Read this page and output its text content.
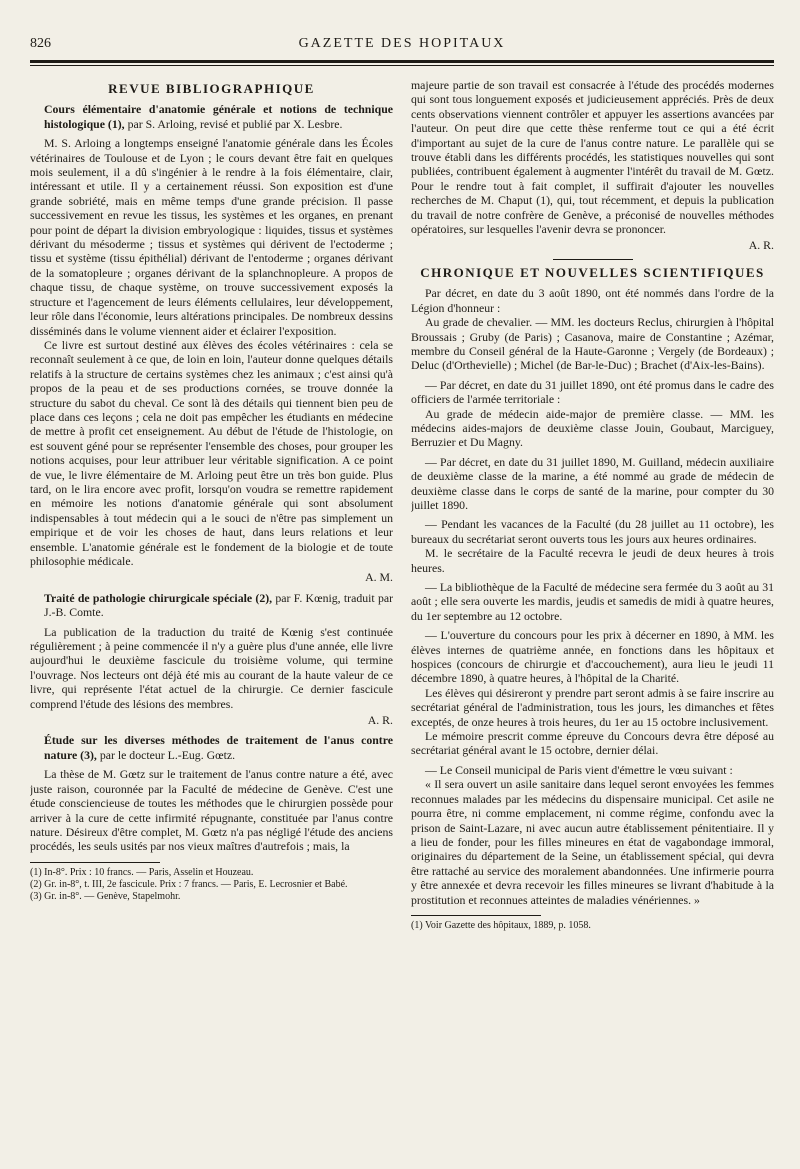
826	GAZETTE DES HOPITAUX
REVUE BIBLIOGRAPHIQUE

Cours élémentaire d'anatomie générale et notions de technique histologique (1), par S. Arloing, revisé et publié par X. Lesbre.

M. S. Arloing a longtemps enseigné l'anatomie générale dans les Écoles vétérinaires de Toulouse et de Lyon ; le cours devant être fait en quelques mois seulement, il a dû s'ingénier à le rendre à la fois élémentaire, clair, intéressant et utile. Il y a certainement réussi. Son exposition est d'une grande sobriété, mais en même temps d'une grande précision. Il passe successivement en revue les tissus, les systèmes et les organes, en prenant pour point de départ la division embryologique : liquides, tissus et systèmes dérivant du mésoderme ; tissus et systèmes qui dérivent de l'ectoderme ; tissu et système (tissu épithélial) dérivant de l'entoderme ; organes dérivant de la somatopleure ; organes dérivant de la splanchnopleure. A propos de chaque tissu, de chaque système, on trouve successivement exposés la structure et l'agencement de leurs éléments cellulaires, leur développement, leur rôle dans l'économie, leurs altérations principales. De nombreux dessins disséminés dans le volume viennent aider et éclairer l'exposition.

Ce livre est surtout destiné aux élèves des écoles vétérinaires : cela se reconnaît seulement à ce que, de loin en loin, l'auteur donne quelques détails relatifs à la structure de certains systèmes chez les animaux ; c'est ainsi qu'à propos de la peau et de ses productions cornées, se trouve donnée la structure du sabot du cheval. Ce sont là des détails qui tiennent bien peu de place dans ces leçons ; cela ne doit pas empêcher les étudiants en médecine de mettre à profit cet enseignement. Au début de l'étude de l'histologie, on est souvent géné pour se représenter l'ensemble des choses, pour grouper les notions acquises, pour leur attribuer leur véritable signification. A ce point de vue, le livre élémentaire de M. Arloing peut être un très bon guide. Plus tard, on le lira encore avec profit, lorsqu'on voudra se remettre rapidement en mémoire les notions d'anatomie générale qui sont absolument indispensables à tout médecin qui a le souci de n'être pas simplement un empirique et de voir les choses de haut, dans leurs relations et leur ensemble. L'anatomie générale est le fondement de la biologie et de toute philosophie médicale.

A. M.

Traité de pathologie chirurgicale spéciale (2), par F. Kœnig, traduit par J.-B. Comte.

La publication de la traduction du traité de Kœnig s'est continuée régulièrement ; à peine commencée il n'y a guère plus d'une année, elle livre aujourd'hui le deuxième fascicule du troisième volume, qui termine l'ouvrage. Nos lecteurs ont déjà été mis au courant de la haute valeur de ce livre, qui représente l'état actuel de la chirurgie. Ce dernier fascicule comprend l'étude des lésions des membres.

A. R.

Étude sur les diverses méthodes de traitement de l'anus contre nature (3), par le docteur L.-Eug. Gœtz.

La thèse de M. Gœtz sur le traitement de l'anus contre nature a été, avec juste raison, couronnée par la Faculté de médecine de Genève. C'est une étude consciencieuse de toutes les méthodes que le chirurgien possède pour arriver à la cure de cette infirmité répugnante, constituée par l'anus contre nature. Désireux d'être complet, M. Gœtz n'a pas négligé l'étude des anciens procédés, les seuls usités par nos vieux maîtres d'autrefois ; mais, la

(1) In-8°. Prix : 10 francs. — Paris, Asselin et Houzeau.

(2) Gr. in-8°, t. III, 2e fascicule. Prix : 7 francs. — Paris, E. Lecrosnier et Babé.

(3) Gr. in-8°. — Genève, Stapelmohr.

majeure partie de son travail est consacrée à l'étude des procédés modernes qui sont tous longuement exposés et judicieusement appréciés. Près de deux cents observations viennent contrôler et appuyer les assertions avancées par l'auteur. On peut dire que cette thèse renferme tout ce qui a été écrit d'important au sujet de la cure de l'anus contre nature. Le parallèle qui se trouve établi dans les différents procédés, les statistiques nouvelles qui sont publiées, contribuent également à augmenter l'intérêt du travail de M. Gœtz. Pour le rendre tout à fait complet, il suffirait d'ajouter les nouvelles recherches de M. Chaput (1), qui, tout récemment, et depuis la publication du travail de notre confrère de Genève, a préconisé de nouvelles méthodes opératoires, sur lesquelles l'avenir devra se prononcer.

A. R.
CHRONIQUE ET NOUVELLES SCIENTIFIQUES

Par décret, en date du 3 août 1890, ont été nommés dans l'ordre de la Légion d'honneur :

Au grade de chevalier. — MM. les docteurs Reclus, chirurgien à l'hôpital Broussais ; Gruby (de Paris) ; Casanova, maire de Constantine ; Azémar, membre du Conseil général de la Haute-Garonne ; Vergely (de Bordeaux) ; Deluc (d'Orthevielle) ; Michel (de Bar-le-Duc) ; Brachet (d'Aix-les-Bains).

— Par décret, en date du 31 juillet 1890, ont été promus dans le cadre des officiers de l'armée territoriale :

Au grade de médecin aide-major de première classe. — MM. les médecins aides-majors de deuxième classe Jouin, Goubaut, Marciguey, Berruzier et Du Magny.

— Par décret, en date du 31 juillet 1890, M. Guilland, médecin auxiliaire de deuxième classe de la marine, a été nommé au grade de médecin de deuxième classe dans le corps de santé de la marine, pour compter du 30 juillet 1890.

— Pendant les vacances de la Faculté (du 28 juillet au 11 octobre), les bureaux du secrétariat seront ouverts tous les jours aux heures ordinaires.

M. le secrétaire de la Faculté recevra le jeudi de deux heures à trois heures.

— La bibliothèque de la Faculté de médecine sera fermée du 3 août au 31 août ; elle sera ouverte les mardis, jeudis et samedis de midi à quatre heures, du 1er septembre au 12 octobre.

— L'ouverture du concours pour les prix à décerner en 1890, à MM. les élèves internes de quatrième année, en fonctions dans les hôpitaux et hospices (concours de chirurgie et d'accouchement), aura lieu le jeudi 11 décembre 1890, à quatre heures, à l'hôpital de la Charité.

Les élèves qui désireront y prendre part seront admis à se faire inscrire au secrétariat général de l'administration, tous les jours, les dimanches et fêtes exceptés, de onze heures à trois heures, du 1er au 15 octobre inclusivement.

Le mémoire prescrit comme épreuve du Concours devra être déposé au secrétariat général avant le 15 octobre, dernier délai.

— Le Conseil municipal de Paris vient d'émettre le vœu suivant :

« Il sera ouvert un asile sanitaire dans lequel seront envoyées les femmes reconnues malades par les médecins du dispensaire municipal. Cet asile ne pourra être, ni comme emplacement, ni comme régime, confondu avec la prison de Saint-Lazare, ni avec aucun autre établissement pénitentiaire. Il y a lieu de fonder, pour les filles mineures en état de vagabondage immoral, originaires du département de la Seine, un établissement spécial, qui devra être rattaché au service des moralement abandonnées. Une infirmerie pourra y être annexée et devra recevoir les filles mineures se livrant d'habitude à la prostitution et reconnues atteintes de maladies vénériennes. »

(1) Voir Gazette des hôpitaux, 1889, p. 1058.
